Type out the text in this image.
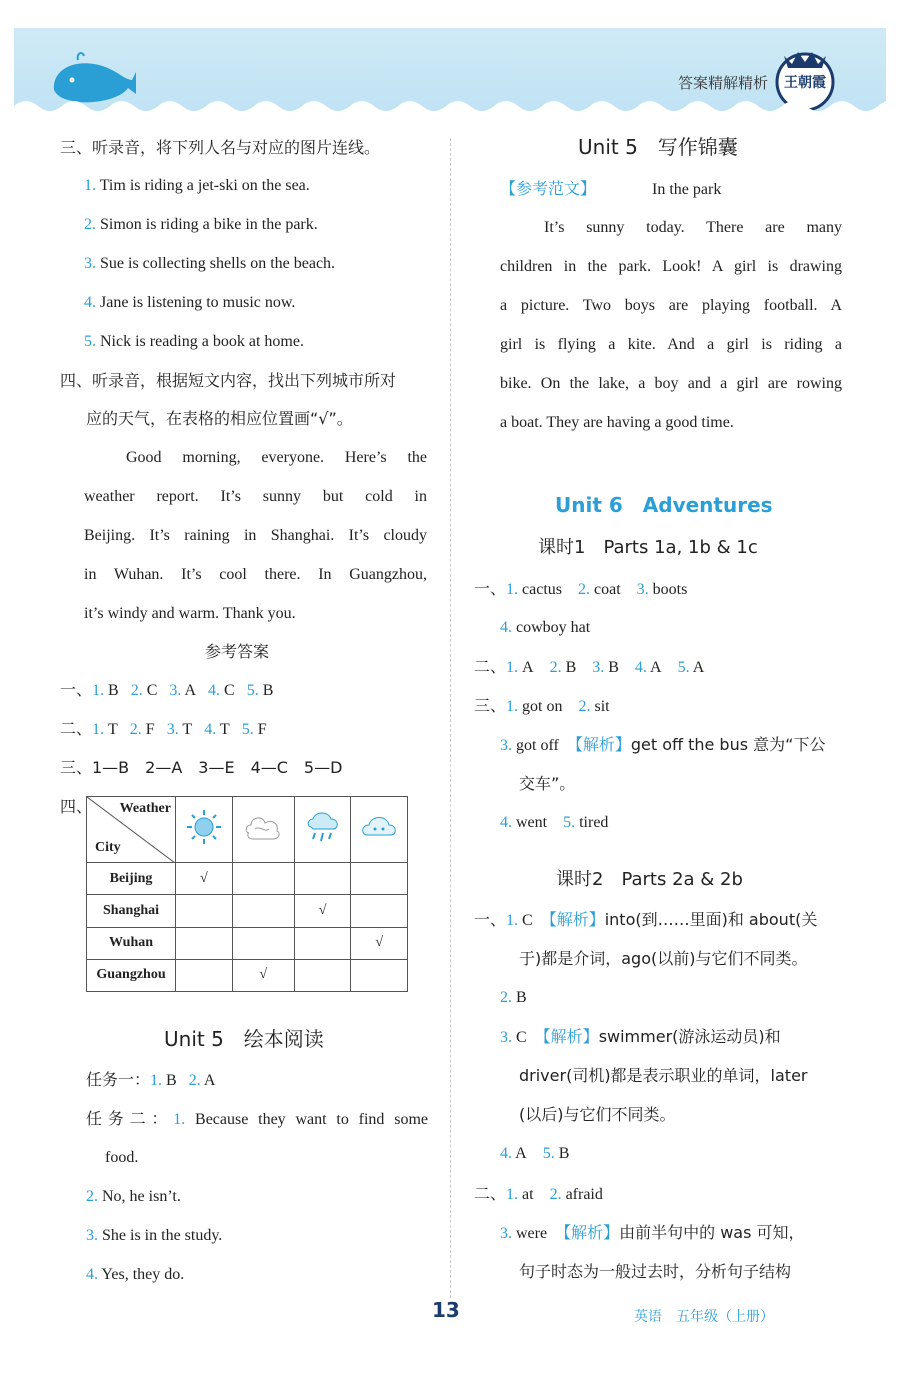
答案精解精析 王朝霞
三、听录音，将下列人名与对应的图片连线。
1. Tim is riding a jet-ski on the sea.
2. Simon is riding a bike in the park.
3. Sue is collecting shells on the beach.
4. Jane is listening to music now.
5. Nick is reading a book at home.
四、听录音，根据短文内容，找出下列城市所对
应的天气，在表格的相应位置画“√”。
Good morning, everyone. Here’s the
weather report. It’s sunny but cold in
Beijing. It’s raining in Shanghai. It’s cloudy
in Wuhan. It’s cool there. In Guangzhou,
it’s windy and warm. Thank you.
参考答案
一、1. B 2. C 3. A 4. C 5. B
二、1. T 2. F 3. T 4. T 5. F
三、1—B　2—A　3—E　4—C　5—D
四、 Weather
City

Beijing	√			
Shanghai			√	
Wuhan				√
Guangzhou		√		
Unit 5　绘本阅读
任务一：1. B 2. A
任务二：1. Because they want to find some
food.
2. No, he isn’t.
3. She is in the study.
4. Yes, they do.
Unit 5　写作锦囊
【参考范文】	In the park
It’s sunny today. There are many
children in the park. Look! A girl is drawing
a picture. Two boys are playing football. A
girl is flying a kite. And a girl is riding a
bike. On the lake, a boy and a girl are rowing
a boat. They are having a good time.
Unit 6　Adventures
课时1　Parts 1a, 1b & 1c
一、1. cactus 2. coat 3. boots
4. cowboy hat
二、1. A 2. B 3. B 4. A 5. A
三、1. got on 2. sit
3. got off 【解析】get off the bus 意为“下公
交车”。
4. went 5. tired
课时2　Parts 2a & 2b
一、1. C 【解析】into(到……里面)和 about(关
于)都是介词，ago(以前)与它们不同类。
2. B
3. C 【解析】swimmer(游泳运动员)和
driver(司机)都是表示职业的单词，later
(以后)与它们不同类。
4. A 5. B
二、1. at 2. afraid
3. were 【解析】由前半句中的 was 可知，
句子时态为一般过去时，分析句子结构
13	英语　五年级（上册）
